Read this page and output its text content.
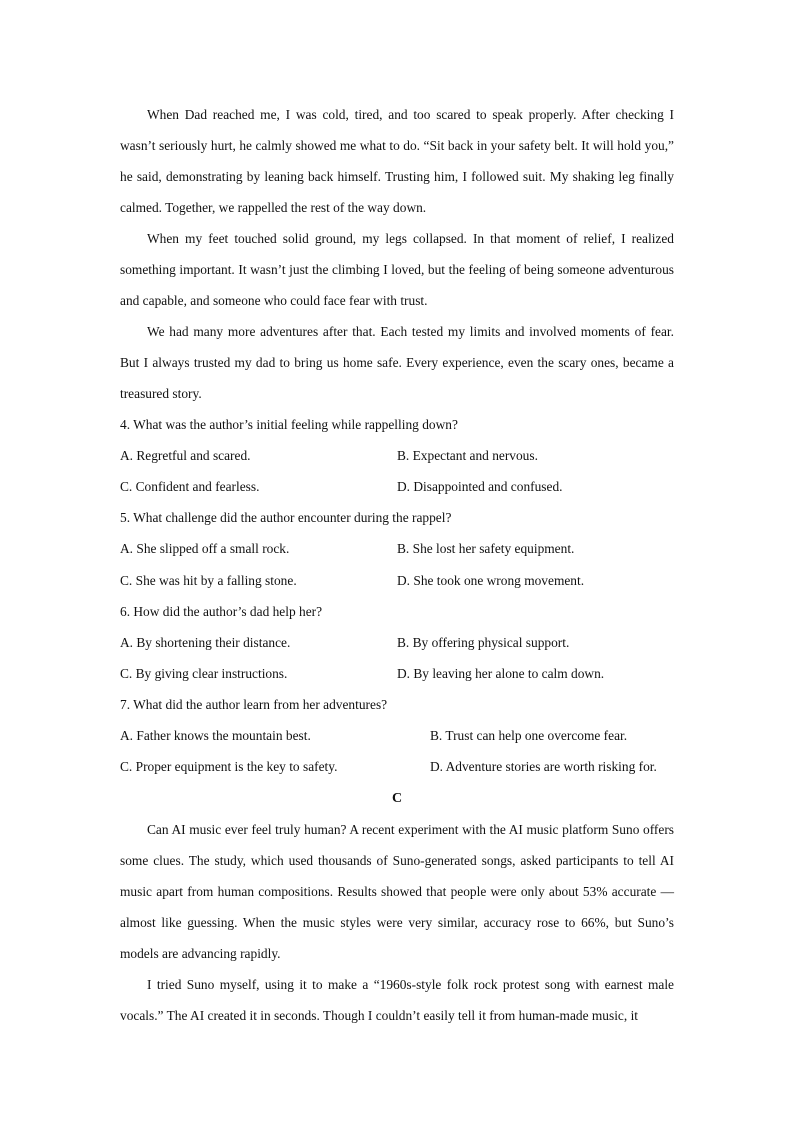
When Dad reached me, I was cold, tired, and too scared to speak properly. After checking I wasn’t seriously hurt, he calmly showed me what to do. “Sit back in your safety belt. It will hold you,” he said, demonstrating by leaning back himself. Trusting him, I followed suit. My shaking leg finally calmed. Together, we rappelled the rest of the way down.

When my feet touched solid ground, my legs collapsed. In that moment of relief, I realized something important. It wasn’t just the climbing I loved, but the feeling of being someone adventurous and capable, and someone who could face fear with trust.

We had many more adventures after that. Each tested my limits and involved moments of fear. But I always trusted my dad to bring us home safe. Every experience, even the scary ones, became a treasured story.

4. What was the author’s initial feeling while rappelling down?
A. Regretful and scared.	B. Expectant and nervous.
C. Confident and fearless.	D. Disappointed and confused.
5. What challenge did the author encounter during the rappel?
A. She slipped off a small rock.	B. She lost her safety equipment.
C. She was hit by a falling stone.	D. She took one wrong movement.
6. How did the author’s dad help her?
A. By shortening their distance.	B. By offering physical support.
C. By giving clear instructions.	D. By leaving her alone to calm down.
7. What did the author learn from her adventures?
A. Father knows the mountain best.	B. Trust can help one overcome fear.
C. Proper equipment is the key to safety.	D. Adventure stories are worth risking for.
C

Can AI music ever feel truly human? A recent experiment with the AI music platform Suno offers some clues. The study, which used thousands of Suno-generated songs, asked participants to tell AI music apart from human compositions. Results showed that people were only about 53% accurate — almost like guessing. When the music styles were very similar, accuracy rose to 66%, but Suno’s models are advancing rapidly.

I tried Suno myself, using it to make a “1960s-style folk rock protest song with earnest male vocals.” The AI created it in seconds. Though I couldn’t easily tell it from human-made music, it
